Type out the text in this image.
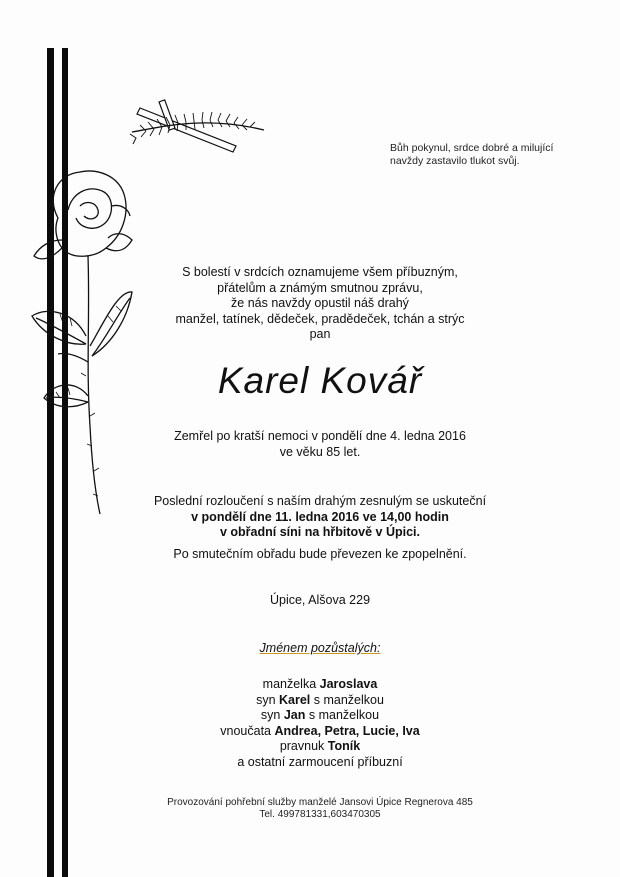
Bůh pokynul, srdce dobré a milující
navždy zastavilo tlukot svůj.
S bolestí v srdcích oznamujeme všem příbuzným,
přátelům a známým smutnou zprávu,
že nás navždy opustil náš drahý
manžel, tatínek, dědeček, pradědeček, tchán a strýc
pan
Karel Kovář
Zemřel po kratší nemoci v pondělí dne 4. ledna 2016
ve věku 85 let.
Poslední rozloučení s naším drahým zesnulým se uskuteční
v pondělí dne 11. ledna 2016 ve 14,00 hodin
v obřadní síni na hřbitově v Úpici.
Po smutečním obřadu bude převezen ke zpopelnění.
Úpice, Alšova 229
Jménem pozůstalých:
manželka Jaroslava
syn Karel s manželkou
syn Jan s manželkou
vnoučata Andrea, Petra, Lucie, Iva
pravnuk Toník
a ostatní zarmoucení příbuzní
Provozování pohřební služby manželé Jansovi Úpice Regnerova 485
Tel. 499781331,603470305
